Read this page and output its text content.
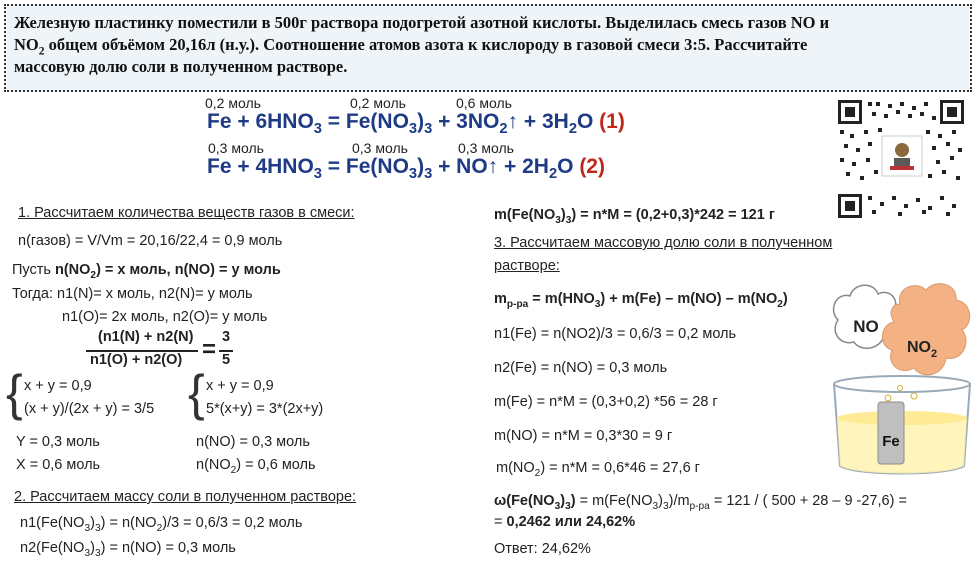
Железную пластинку поместили в 500г раствора подогретой азотной кислоты. Выделилась смесь газов NO и
$NO_2$ общем объёмом 20,16л (н.у.). Соотношение атомов азота к кислороду в газовой смеси 3:5. Рассчитайте
массовую долю соли в полученном растворе.
0,2 моль	0,2 моль	0,6 моль
$Fe + 6HNO_3 = Fe(NO_3)_3$ + $3NO_2↑ + 3H_2O$ (1)
0,3 моль	0,3 моль	0,3 моль
$Fe + 4HNO_3 = Fe(NO_3)_3$ + NO↑ + $2H_2O$ (2)
1. Рассчитаем количества веществ газов в смеси:
n(газов) = V/Vm = 20,16/22,4 = 0,9 моль
Пусть $n(NO_2) = х$ моль, n(NO) = у моль
Тогда: n1(N)= х моль, n2(N)= у моль
n1(O)= 2х моль, n2(O)= у моль
(n1(N) + n2(N)
n1(O) + n2(O) = 3
5
{ x + y = 0,9
(x + y)/(2x + y) = 3/5 { x + y = 0,9
5*(x+y) = 3*(2x+y)
Y = 0,3 моль
X = 0,6 моль
n(NO) = 0,3 моль
$n(NO_2) = 0,6$ моль
2. Рассчитаем массу соли в полученном растворе:
$n1(Fe(NO_3)_3) = n(NO_2)/3 = 0,6/3 = 0,2$ моль
$n2(Fe(NO_3)_3) = n(NO) = 0,3$ моль
$m(Fe(NO_3)_3) = n*M = (0,2+0,3)*242 = 121$ г
3. Рассчитаем массовую долю соли в полученном
растворе:
$m_{р-ра} = m(HNO_3) + m(Fe) - m(NO) - m(NO_2)$
n1(Fe) = n(NO2)/3 = 0,6/3 = 0,2 моль
n2(Fe) = n(NO) = 0,3 моль
m(Fe) = n*M = (0,3+0,2) *56 = 28 г
m(NO) = n*M = 0,3*30 = 9 г
$m(NO_2) = n*M = 0,6*46 = 27,6$ г
$\omega(Fe(NO_3)_3) = m(Fe(NO_3)_3)/m_{р-ра} = 121$ / ( 500 + 28 – 9 -27,6) =
= 0,2462 или 24,62%
Ответ: 24,62%
NO
$NO_2$
Fe
